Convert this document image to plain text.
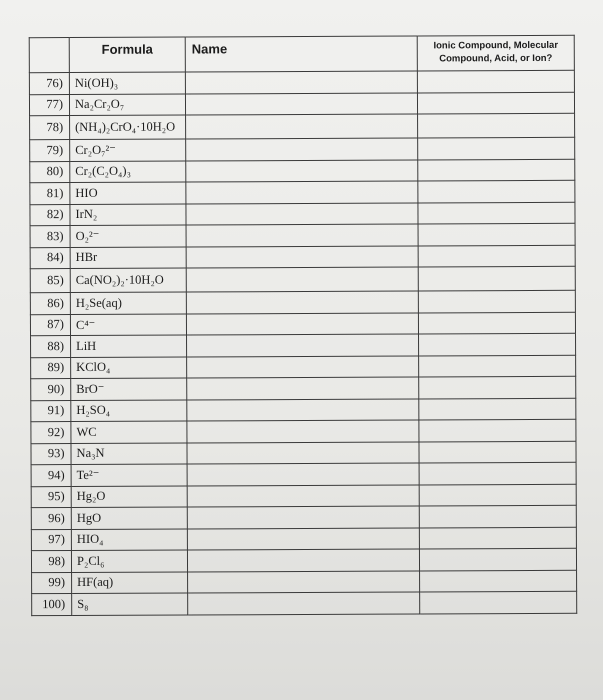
	Formula	Name	Ionic Compound, Molecular Compound, Acid, or Ion?
76)	Ni(OH)₃		
77)	Na₂Cr₂O₇		
78)	(NH₄)₂CrO₄·10H₂O		
79)	Cr₂O₇²⁻		
80)	Cr₂(C₂O₄)₃		
81)	HIO		
82)	IrN₂		
83)	O₂²⁻		
84)	HBr		
85)	Ca(NO₂)₂·10H₂O		
86)	H₂Se(aq)		
87)	C⁴⁻		
88)	LiH		
89)	KClO₄		
90)	BrO⁻		
91)	H₂SO₄		
92)	WC		
93)	Na₃N		
94)	Te²⁻		
95)	Hg₂O		
96)	HgO		
97)	HIO₄		
98)	P₂Cl₆		
99)	HF(aq)		
100)	S₈		
